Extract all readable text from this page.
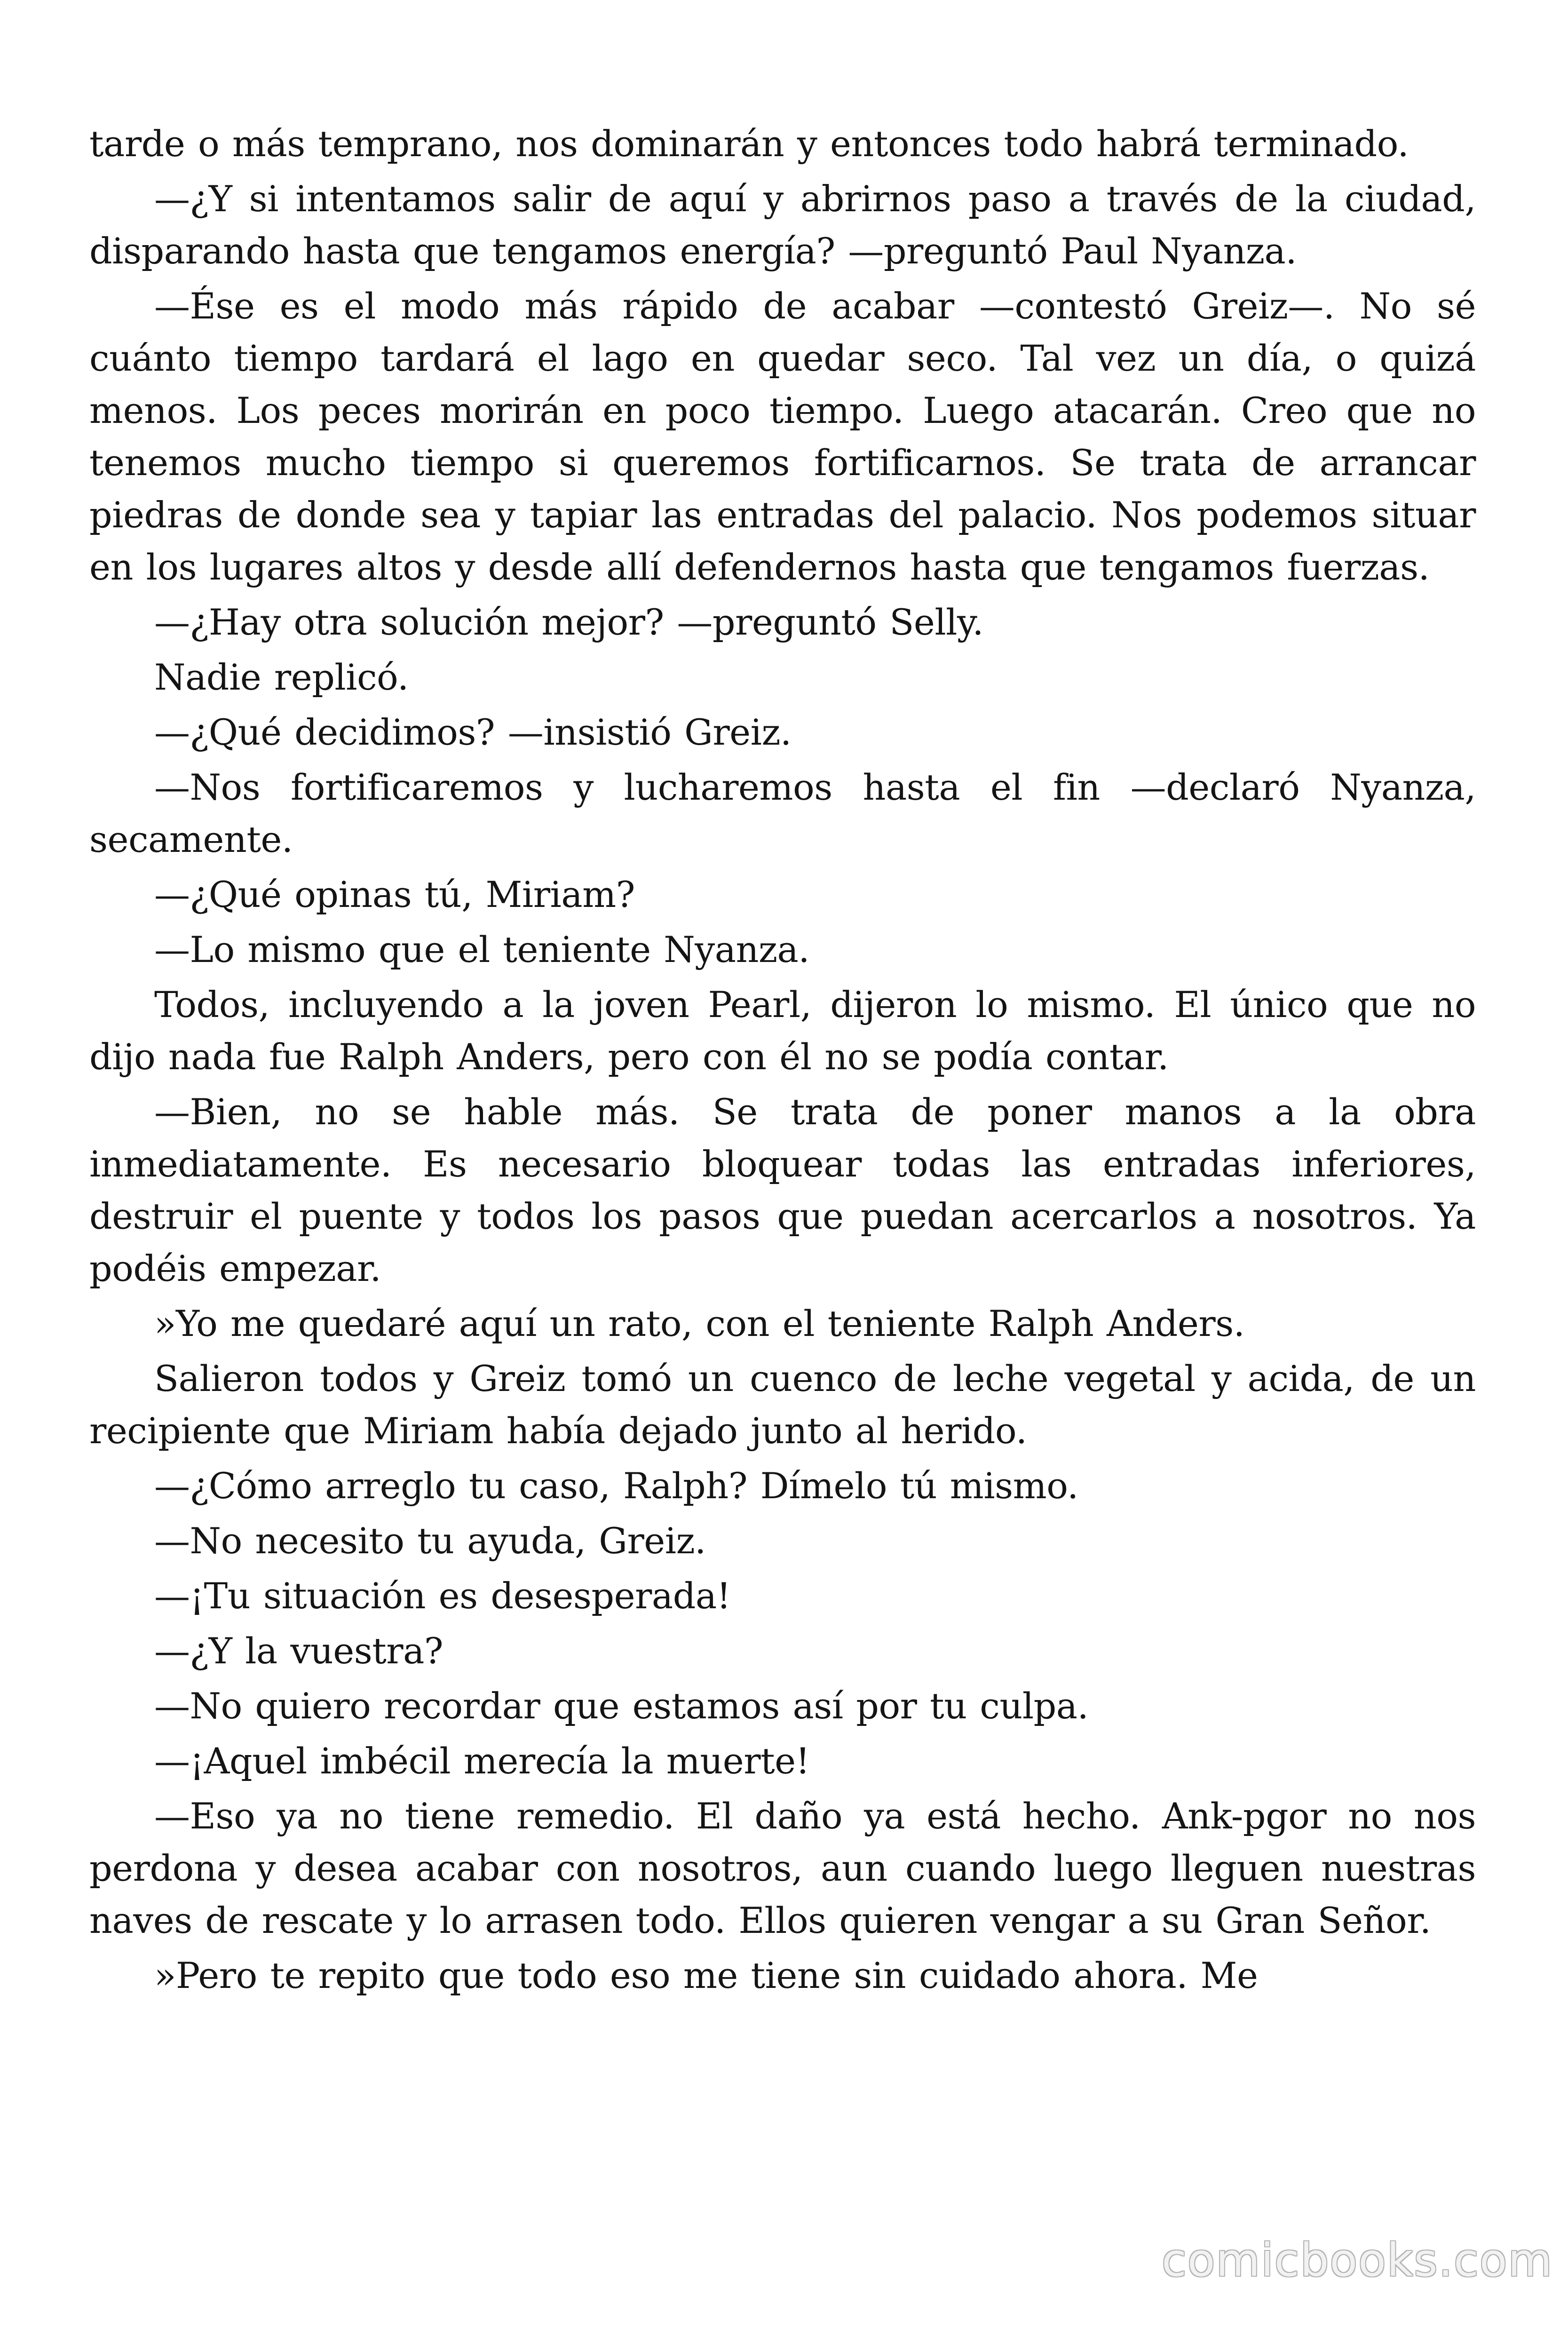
tarde o más temprano, nos dominarán y entonces todo habrá terminado.

—¿Y si intentamos salir de aquí y abrirnos paso a través de la ciudad, disparando hasta que tengamos energía? —preguntó Paul Nyanza.

—Ése es el modo más rápido de acabar —contestó Greiz—. No sé cuánto tiempo tardará el lago en quedar seco. Tal vez un día, o quizá menos. Los peces morirán en poco tiempo. Luego atacarán. Creo que no tenemos mucho tiempo si queremos fortificarnos. Se trata de arrancar piedras de donde sea y tapiar las entradas del palacio. Nos podemos situar en los lugares altos y desde allí defendernos hasta que tengamos fuerzas.

—¿Hay otra solución mejor? —preguntó Selly.

Nadie replicó.

—¿Qué decidimos? —insistió Greiz.

—Nos fortificaremos y lucharemos hasta el fin —declaró Nyanza, secamente.

—¿Qué opinas tú, Miriam?

—Lo mismo que el teniente Nyanza.

Todos, incluyendo a la joven Pearl, dijeron lo mismo. El único que no dijo nada fue Ralph Anders, pero con él no se podía contar.

—Bien, no se hable más. Se trata de poner manos a la obra inmediatamente. Es necesario bloquear todas las entradas inferiores, destruir el puente y todos los pasos que puedan acercarlos a nosotros. Ya podéis empezar.

»Yo me quedaré aquí un rato, con el teniente Ralph Anders.

Salieron todos y Greiz tomó un cuenco de leche vegetal y acida, de un recipiente que Miriam había dejado junto al herido.

—¿Cómo arreglo tu caso, Ralph? Dímelo tú mismo.

—No necesito tu ayuda, Greiz.

—¡Tu situación es desesperada!

—¿Y la vuestra?

—No quiero recordar que estamos así por tu culpa.

—¡Aquel imbécil merecía la muerte!

—Eso ya no tiene remedio. El daño ya está hecho. Ank-pgor no nos perdona y desea acabar con nosotros, aun cuando luego lleguen nuestras naves de rescate y lo arrasen todo. Ellos quieren vengar a su Gran Señor.

»Pero te repito que todo eso me tiene sin cuidado ahora. Me

comicbooks.com
